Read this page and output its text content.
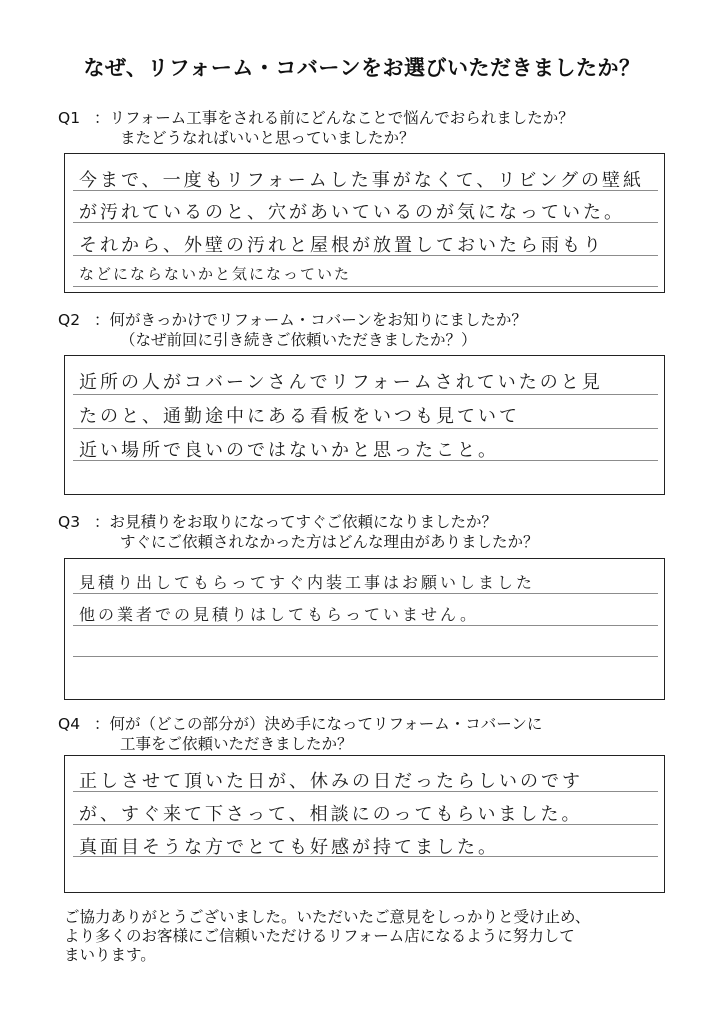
なぜ、リフォーム・コバーンをお選びいただきましたか？
Q1 ：リフォーム工事をされる前にどんなことで悩んでおられましたか？
またどうなればいいと思っていましたか？
今まで、一度もリフォームした事がなくて、リビングの壁紙
が汚れているのと、穴があいているのが気になっていた。
それから、外壁の汚れと屋根が放置しておいたら雨もり
などにならないかと気になっていた
Q2 ：何がきっかけでリフォーム・コバーンをお知りにましたか？
（なぜ前回に引き続きご依頼いただきましたか？）
近所の人がコバーンさんでリフォームされていたのと見
たのと、通勤途中にある看板をいつも見ていて
近い場所で良いのではないかと思ったこと。
Q3 ：お見積りをお取りになってすぐご依頼になりましたか？
すぐにご依頼されなかった方はどんな理由がありましたか？
見積り出してもらってすぐ内装工事はお願いしました
他の業者での見積りはしてもらっていません。
Q4 ：何が（どこの部分が）決め手になってリフォーム・コバーンに
工事をご依頼いただきましたか？
正しさせて頂いた日が、休みの日だったらしいのです
が、すぐ来て下さって、相談にのってもらいました。
真面目そうな方でとても好感が持てました。
ご協力ありがとうございました。いただいたご意見をしっかりと受け止め、
より多くのお客様にご信頼いただけるリフォーム店になるように努力して
まいります。
